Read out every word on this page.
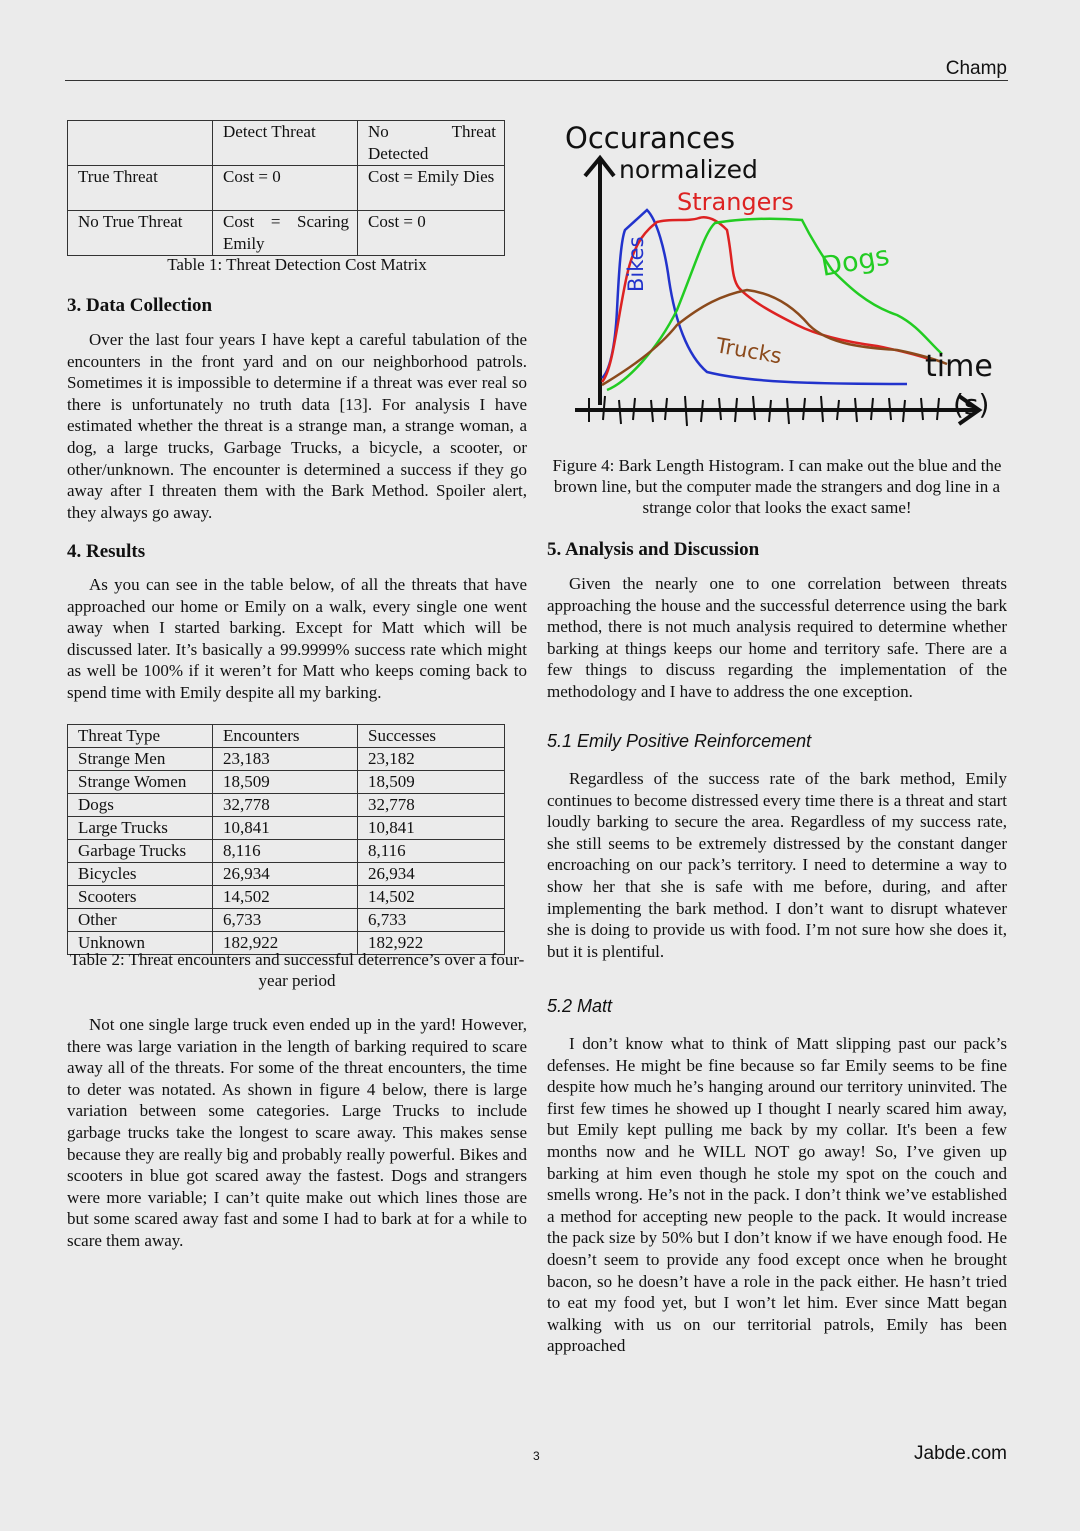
Champ
	Detect Threat	No Threat Detected
True Threat	Cost = 0	Cost = Emily Dies
No True Threat	Cost = Scaring Emily	Cost = 0
Table 1: Threat Detection Cost Matrix
3. Data Collection

Over the last four years I have kept a careful tabulation of the encounters in the front yard and on our neighborhood patrols. Sometimes it is impossible to determine if a threat was ever real so there is unfortunately no truth data [13]. For analysis I have estimated whether the threat is a strange man, a strange woman, a dog, a large trucks, Garbage Trucks, a bicycle, a scooter, or other/unknown. The encounter is determined a success if they go away after I threaten them with the Bark Method. Spoiler alert, they always go away.

4. Results

As you can see in the table below, of all the threats that have approached our home or Emily on a walk, every single one went away when I started barking. Except for Matt which will be discussed later. It’s basically a 99.9999% success rate which might as well be 100% if it weren’t for Matt who keeps coming back to spend time with Emily despite all my barking.

Threat Type	Encounters	Successes
Strange Men	23,183	23,182
Strange Women	18,509	18,509
Dogs	32,778	32,778
Large Trucks	10,841	10,841
Garbage Trucks	8,116	8,116
Bicycles	26,934	26,934
Scooters	14,502	14,502
Other	6,733	6,733
Unknown	182,922	182,922
Table 2: Threat encounters and successful deterrence’s over a four-year period

Not one single large truck even ended up in the yard! However, there was large variation in the length of barking required to scare away all of the threats. For some of the threat encounters, the time to deter was notated. As shown in figure 4 below, there is large variation between some categories. Large Trucks to include garbage trucks take the longest to scare away. This makes sense because they are really big and probably really powerful. Bikes and scooters in blue got scared away the fastest. Dogs and strangers were more variable; I can’t quite make out which lines those are but some scared away fast and some I had to bark at for a while to scare them away.

Occurances
normalized
Strangers
Bikes	Dogs
Trucks	time
(s)
Figure 4: Bark Length Histogram. I can make out the blue and the brown line, but the computer made the strangers and dog line in a strange color that looks the exact same!
5. Analysis and Discussion

Given the nearly one to one correlation between threats approaching the house and the successful deterrence using the bark method, there is not much analysis required to determine whether barking at things keeps our home and territory safe. There are a few things to discuss regarding the implementation of the methodology and I have to address the one exception.

5.1 Emily Positive Reinforcement

Regardless of the success rate of the bark method, Emily continues to become distressed every time there is a threat and start loudly barking to secure the area. Regardless of my success rate, she still seems to be extremely distressed by the constant danger encroaching on our pack’s territory. I need to determine a way to show her that she is safe with me before, during, and after implementing the bark method. I don’t want to disrupt whatever she is doing to provide us with food. I’m not sure how she does it, but it is plentiful.

5.2 Matt

I don’t know what to think of Matt slipping past our pack’s defenses. He might be fine because so far Emily seems to be fine despite how much he’s hanging around our territory uninvited. The first few times he showed up I thought I nearly scared him away, but Emily kept pulling me back by my collar. It's been a few months now and he WILL NOT go away! So, I’ve given up barking at him even though he stole my spot on the couch and smells wrong. He’s not in the pack. I don’t think we’ve established a method for accepting new people to the pack. It would increase the pack size by 50% but I don’t know if we have enough food. He doesn’t seem to provide any food except once when he brought bacon, so he doesn’t have a role in the pack either. He hasn’t tried to eat my food yet, but I won’t let him. Ever since Matt began walking with us on our territorial patrols, Emily has been approached

3	Jabde.com
